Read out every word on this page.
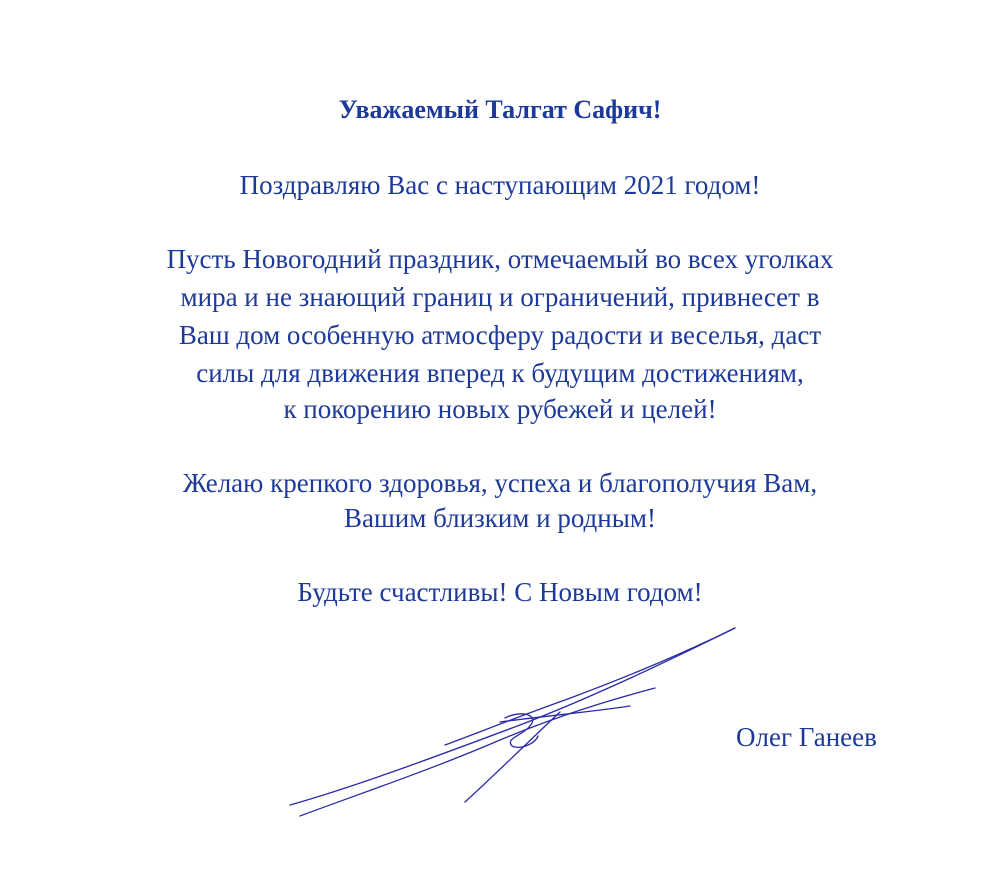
Уважаемый Талгат Сафич!
Поздравляю Вас с наступающим 2021 годом!
Пусть Новогодний праздник, отмечаемый во всех уголках
мира и не знающий границ и ограничений, привнесет в
Ваш дом особенную атмосферу радости и веселья, даст
силы для движения вперед к будущим достижениям,
к покорению новых рубежей и целей!
Желаю крепкого здоровья, успеха и благополучия Вам,
Вашим близким и родным!
Будьте счастливы! С Новым годом!
Олег Ганеев
